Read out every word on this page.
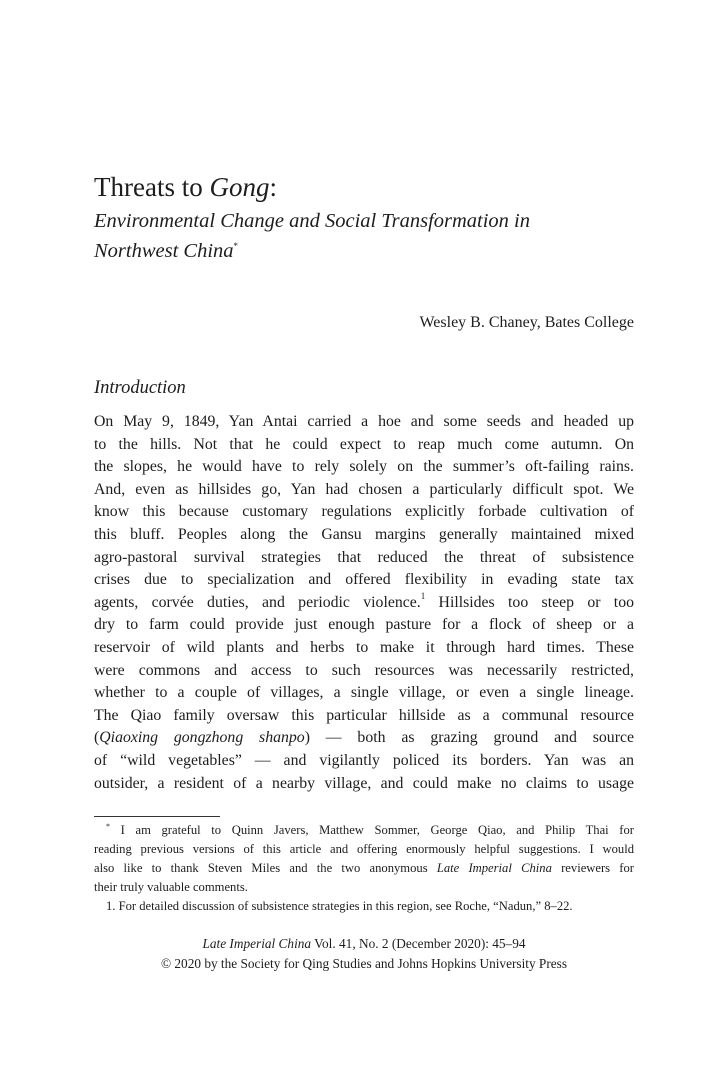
Threats to Gong:
Environmental Change and Social Transformation in
Northwest China*
Wesley B. Chaney, Bates College
Introduction
On May 9, 1849, Yan Antai carried a hoe and some seeds and headed up
to the hills. Not that he could expect to reap much come autumn. On
the slopes, he would have to rely solely on the summer’s oft-failing rains.
And, even as hillsides go, Yan had chosen a particularly difficult spot. We
know this because customary regulations explicitly forbade cultivation of
this bluff. Peoples along the Gansu margins generally maintained mixed
agro-pastoral survival strategies that reduced the threat of subsistence
crises due to specialization and offered flexibility in evading state tax
agents, corvée duties, and periodic violence.$^1$ Hillsides too steep or too
dry to farm could provide just enough pasture for a flock of sheep or a
reservoir of wild plants and herbs to make it through hard times. These
were commons and access to such resources was necessarily restricted,
whether to a couple of villages, a single village, or even a single lineage.
The Qiao family oversaw this particular hillside as a communal resource
(Qiaoxing gongzhong shanpo) — both as grazing ground and source
of “wild vegetables” — and vigilantly policed its borders. Yan was an
outsider, a resident of a nearby village, and could make no claims to usage
* I am grateful to Quinn Javers, Matthew Sommer, George Qiao, and Philip Thai for
reading previous versions of this article and offering enormously helpful suggestions. I would
also like to thank Steven Miles and the two anonymous Late Imperial China reviewers for
their truly valuable comments.
1. For detailed discussion of subsistence strategies in this region, see Roche, “Nadun,” 8–22.
Late Imperial China Vol. 41, No. 2 (December 2020): 45–94
© 2020 by the Society for Qing Studies and Johns Hopkins University Press
